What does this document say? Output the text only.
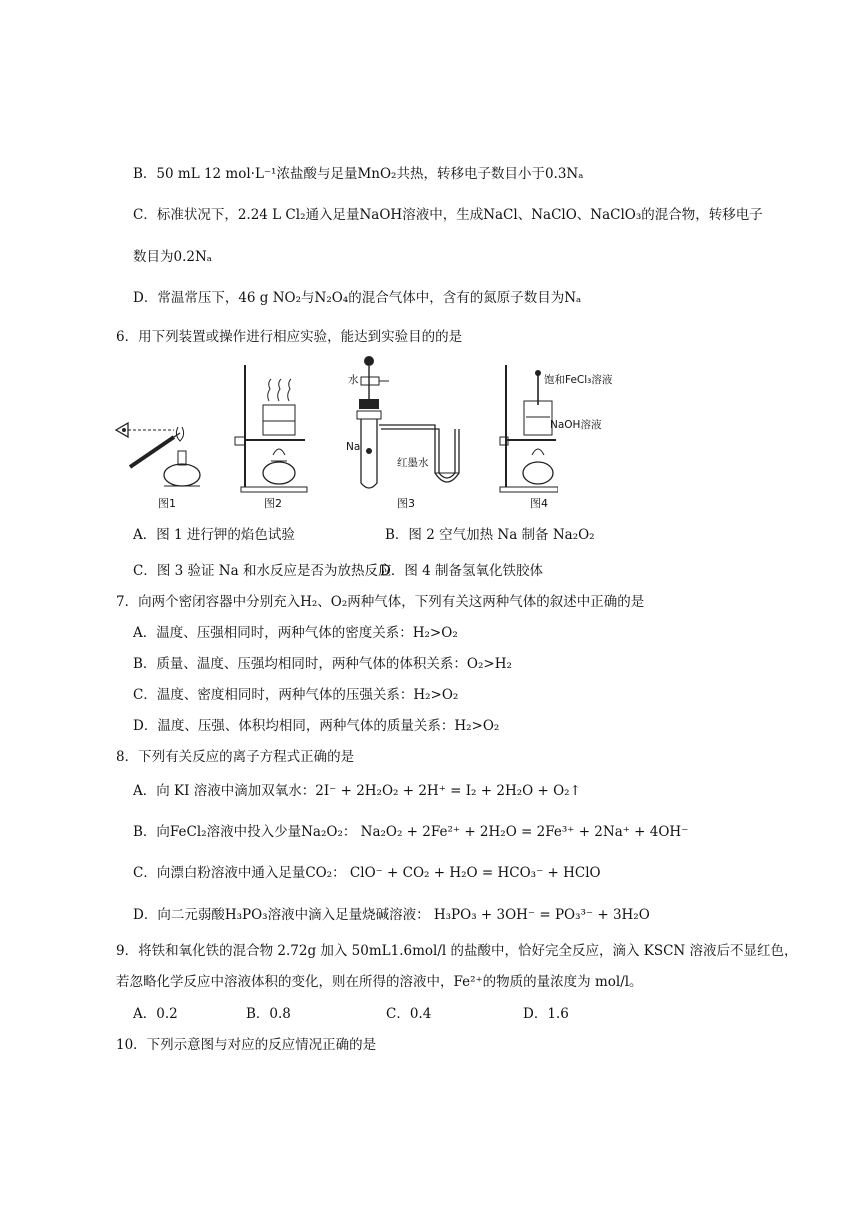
B．50 mL 12 mol·L⁻¹浓盐酸与足量MnO₂共热，转移电子数目小于0.3Nₐ
C．标准状况下，2.24 L Cl₂通入足量NaOH溶液中，生成NaCl、NaClO、NaClO₃的混合物，转移电子
数目为0.2Nₐ
D．常温常压下，46 g NO₂与N₂O₄的混合气体中，含有的氮原子数目为Nₐ
6．用下列装置或操作进行相应实验，能达到实验目的的是
图1	图2
水
Na
红墨水
图3
饱和FeCl₃溶液
NaOH溶液
图4
A．图 1 进行钾的焰色试验	B．图 2 空气加热 Na 制备 Na₂O₂
C．图 3 验证 Na 和水反应是否为放热反应
D．图 4 制备氢氧化铁胶体
7．向两个密闭容器中分别充入H₂、O₂两种气体，下列有关这两种气体的叙述中正确的是
A．温度、压强相同时，两种气体的密度关系：H₂>O₂
B．质量、温度、压强均相同时，两种气体的体积关系：O₂>H₂
C．温度、密度相同时，两种气体的压强关系：H₂>O₂
D．温度、压强、体积均相同，两种气体的质量关系：H₂>O₂
8．下列有关反应的离子方程式正确的是
A．向 KI 溶液中滴加双氧水：2I⁻ + 2H₂O₂ + 2H⁺ = I₂ + 2H₂O + O₂↑
B．向FeCl₂溶液中投入少量Na₂O₂： Na₂O₂ + 2Fe²⁺ + 2H₂O = 2Fe³⁺ + 2Na⁺ + 4OH⁻
C．向漂白粉溶液中通入足量CO₂： ClO⁻ + CO₂ + H₂O = HCO₃⁻ + HClO
D．向二元弱酸H₃PO₃溶液中滴入足量烧碱溶液： H₃PO₃ + 3OH⁻ = PO₃³⁻ + 3H₂O
9．将铁和氧化铁的混合物 2.72g 加入 50mL1.6mol/l 的盐酸中，恰好完全反应，滴入 KSCN 溶液后不显红色，
若忽略化学反应中溶液体积的变化，则在所得的溶液中，Fe²⁺的物质的量浓度为 mol/l。
A．0.2	B．0.8	C．0.4	D．1.6
10．下列示意图与对应的反应情况正确的是
